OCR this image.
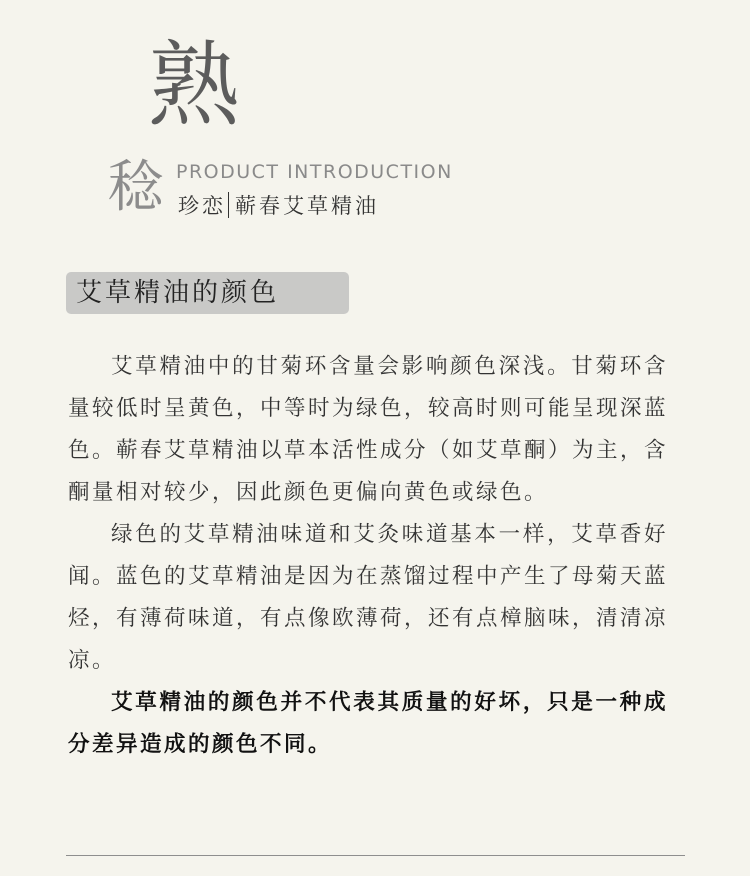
熟
稔 PRODUCT INTRODUCTION
珍恋 蕲春艾草精油
艾草精油的颜色

艾草精油中的甘菊环含量会影响颜色深浅。甘菊环含量较低时呈黄色，中等时为绿色，较高时则可能呈现深蓝色。蕲春艾草精油以草本活性成分（如艾草酮）为主，含酮量相对较少，因此颜色更偏向黄色或绿色。

绿色的艾草精油味道和艾灸味道基本一样，艾草香好闻。蓝色的艾草精油是因为在蒸馏过程中产生了母菊天蓝烃，有薄荷味道，有点像欧薄荷，还有点樟脑味，清清凉凉。

艾草精油的颜色并不代表其质量的好坏，只是一种成分差异造成的颜色不同。
